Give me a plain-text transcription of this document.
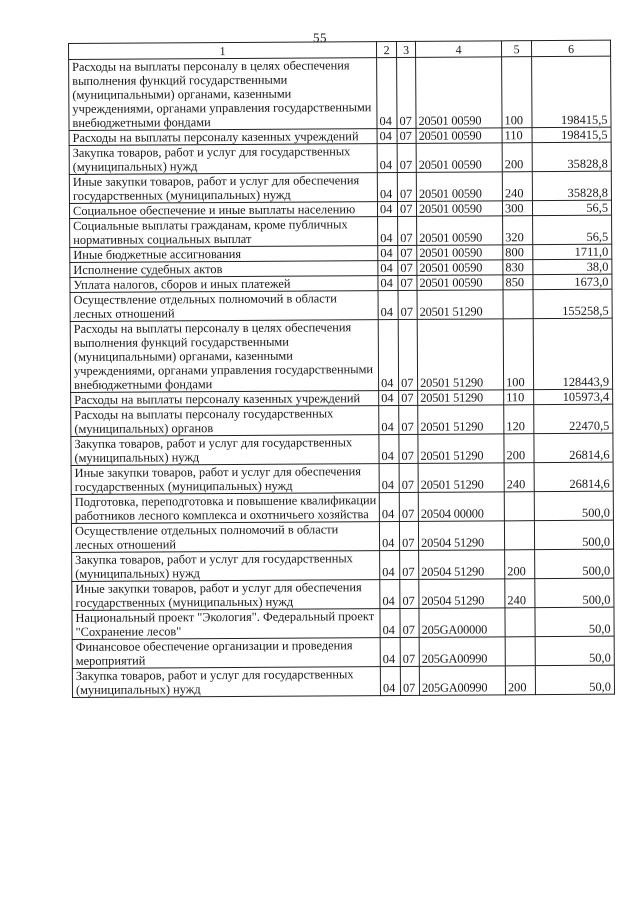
55
1	2	3	4	5	6
Расходы на выплаты персоналу в целях обеспечения выполнения функций государственными (муниципальными) органами, казенными учреждениями, органами управления государственными внебюджетными фондами	04	07	20501 00590	100	198415,5
Расходы на выплаты персоналу казенных учреждений	04	07	20501 00590	110	198415,5
Закупка товаров, работ и услуг для государственных (муниципальных) нужд	04	07	20501 00590	200	35828,8
Иные закупки товаров, работ и услуг для обеспечения государственных (муниципальных) нужд	04	07	20501 00590	240	35828,8
Социальное обеспечение и иные выплаты населению	04	07	20501 00590	300	56,5
Социальные выплаты гражданам, кроме публичных нормативных социальных выплат	04	07	20501 00590	320	56,5
Иные бюджетные ассигнования	04	07	20501 00590	800	1711,0
Исполнение судебных актов	04	07	20501 00590	830	38,0
Уплата налогов, сборов и иных платежей	04	07	20501 00590	850	1673,0
Осуществление отдельных полномочий в области лесных отношений	04	07	20501 51290		155258,5
Расходы на выплаты персоналу в целях обеспечения выполнения функций государственными (муниципальными) органами, казенными учреждениями, органами управления государственными внебюджетными фондами	04	07	20501 51290	100	128443,9
Расходы на выплаты персоналу казенных учреждений	04	07	20501 51290	110	105973,4
Расходы на выплаты персоналу государственных (муниципальных) органов	04	07	20501 51290	120	22470,5
Закупка товаров, работ и услуг для государственных (муниципальных) нужд	04	07	20501 51290	200	26814,6
Иные закупки товаров, работ и услуг для обеспечения государственных (муниципальных) нужд	04	07	20501 51290	240	26814,6
Подготовка, переподготовка и повышение квалификации работников лесного комплекса и охотничьего хозяйства	04	07	20504 00000		500,0
Осуществление отдельных полномочий в области лесных отношений	04	07	20504 51290		500,0
Закупка товаров, работ и услуг для государственных (муниципальных) нужд	04	07	20504 51290	200	500,0
Иные закупки товаров, работ и услуг для обеспечения государственных (муниципальных) нужд	04	07	20504 51290	240	500,0
Национальный проект "Экология". Федеральный проект "Сохранение лесов"	04	07	205GA00000		50,0
Финансовое обеспечение организации и проведения мероприятий	04	07	205GA00990		50,0
Закупка товаров, работ и услуг для государственных (муниципальных) нужд	04	07	205GA00990	200	50,0
